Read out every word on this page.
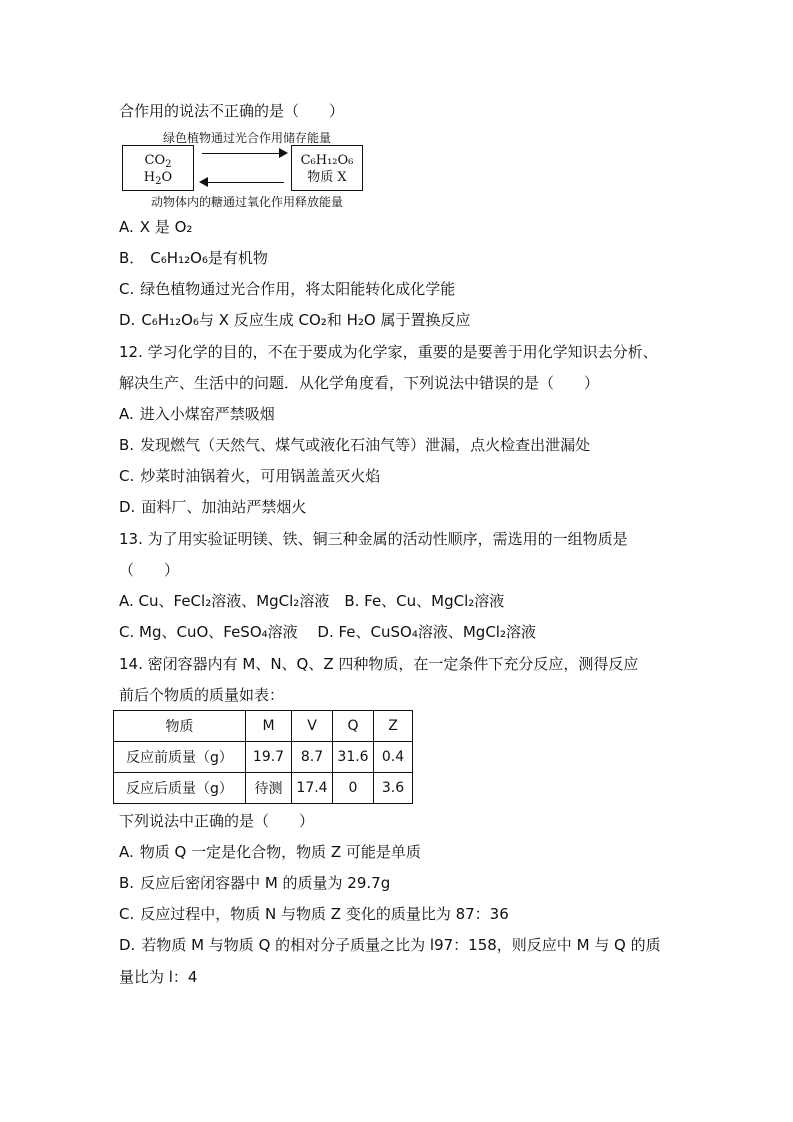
合作用的说法不正确的是（　　）
绿色植物通过光合作用储存能量
$CO_2$
$H_2O$
C₆H₁₂O₆
物质 X
动物体内的糖通过氧化作用释放能量
A. X 是 O₂
B． C₆H₁₂O₆是有机物
C. 绿色植物通过光合作用，将太阳能转化成化学能
D. C₆H₁₂O₆与 X 反应生成 CO₂和 H₂O 属于置换反应
12. 学习化学的目的，不在于要成为化学家，重要的是要善于用化学知识去分析、
解决生产、生活中的问题．从化学角度看，下列说法中错误的是（　　）
A. 进入小煤窑严禁吸烟
B. 发现燃气（天然气、煤气或液化石油气等）泄漏，点火检查出泄漏处
C. 炒菜时油锅着火，可用锅盖盖灭火焰
D. 面料厂、加油站严禁烟火
13. 为了用实验证明镁、铁、铜三种金属的活动性顺序，需选用的一组物质是
（　　）
A. Cu、FeCl₂溶液、MgCl₂溶液　B. Fe、Cu、MgCl₂溶液
C. Mg、CuO、FeSO₄溶液　 D. Fe、CuSO₄溶液、MgCl₂溶液
14. 密闭容器内有 M、N、Q、Z 四种物质，在一定条件下充分反应，测得反应
前后个物质的质量如表：
物质	M	V	Q	Z
反应前质量（g）	19.7	8.7	31.6	0.4
反应后质量（g）	待测	17.4	0	3.6
下列说法中正确的是（　　）
A. 物质 Q 一定是化合物，物质 Z 可能是单质
B. 反应后密闭容器中 M 的质量为 29.7g
C. 反应过程中，物质 N 与物质 Z 变化的质量比为 87：36
D. 若物质 M 与物质 Q 的相对分子质量之比为 l97：158，则反应中 M 与 Q 的质
量比为 l：4
